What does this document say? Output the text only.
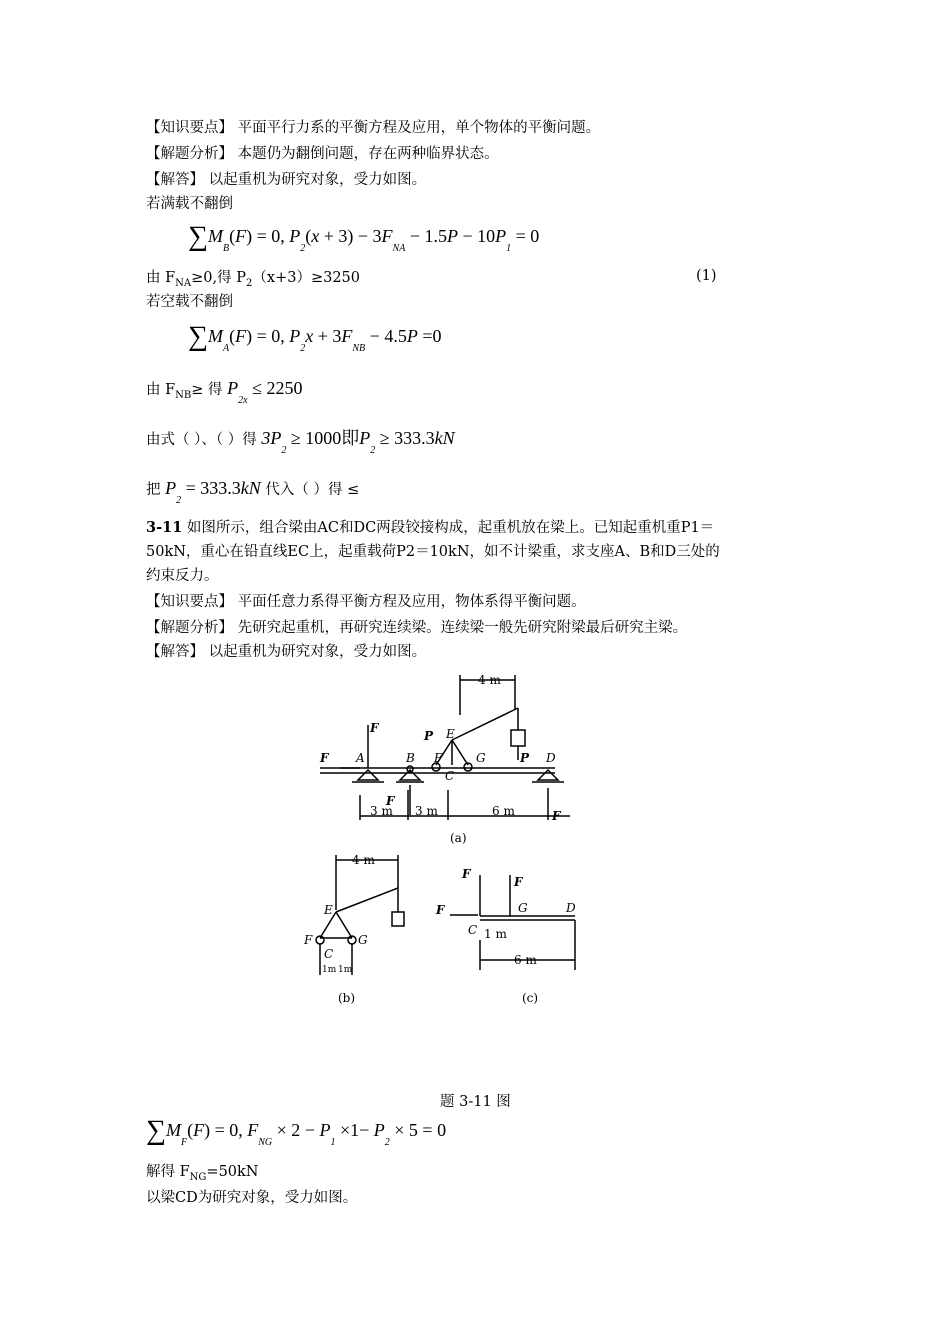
【知识要点】 平面平行力系的平衡方程及应用，单个物体的平衡问题。
【解题分析】 本题仍为翻倒问题，存在两种临界状态。
【解答】 以起重机为研究对象，受力如图。
若满载不翻倒
$\sum M_B(F) = 0$, $P_2(x + 3) - 3F_{NA} - 1.5P - 10P_1 = 0$
由 $F_{NA}\ge 0$,得 $P_2(x+3)\ge 3250$	(1)
若空载不翻倒
$\sum M_A(F) = 0$, $P_2x + 3F_{NB} - 4.5P =0$
由 $F_{NB}\ge$ 得 $P_{2x} \le 2250$
由式（ ）、（ ）得 $3P_2 \ge 1000$即$P_2 \ge 333.3kN$
把 $P_2 = 333.3kN$ 代入（ ）得 ≤
3-11 如图所示，组合梁由AC和DC两段铰接构成，起重机放在梁上。已知起重机重P1＝
50kN，重心在铅直线EC上，起重载荷P2＝10kN，如不计梁重，求支座A、B和D三处的
约束反力。
【知识要点】 平面任意力系得平衡方程及应用，物体系得平衡问题。
【解题分析】 先研究起重机，再研究连续梁。连续梁一般先研究附梁最后研究主梁。
【解答】 以起重机为研究对象，受力如图。
4 m
3 m 3 m	6 m
(a)
F
F A	B F	G	D
E
C
F
F
P
P
4 m
E
F	G
C
1m 1m
(b)
F
F
F	G	D
C 1 m
6 m
(c)
题 3-11 图
$\sum M_F(F) = 0$, $F_{NG} \times 2 - P_1 \times 1- P_2 \times 5 = 0$
解得 $F_{NG}=50kN$
以梁CD为研究对象，受力如图。
